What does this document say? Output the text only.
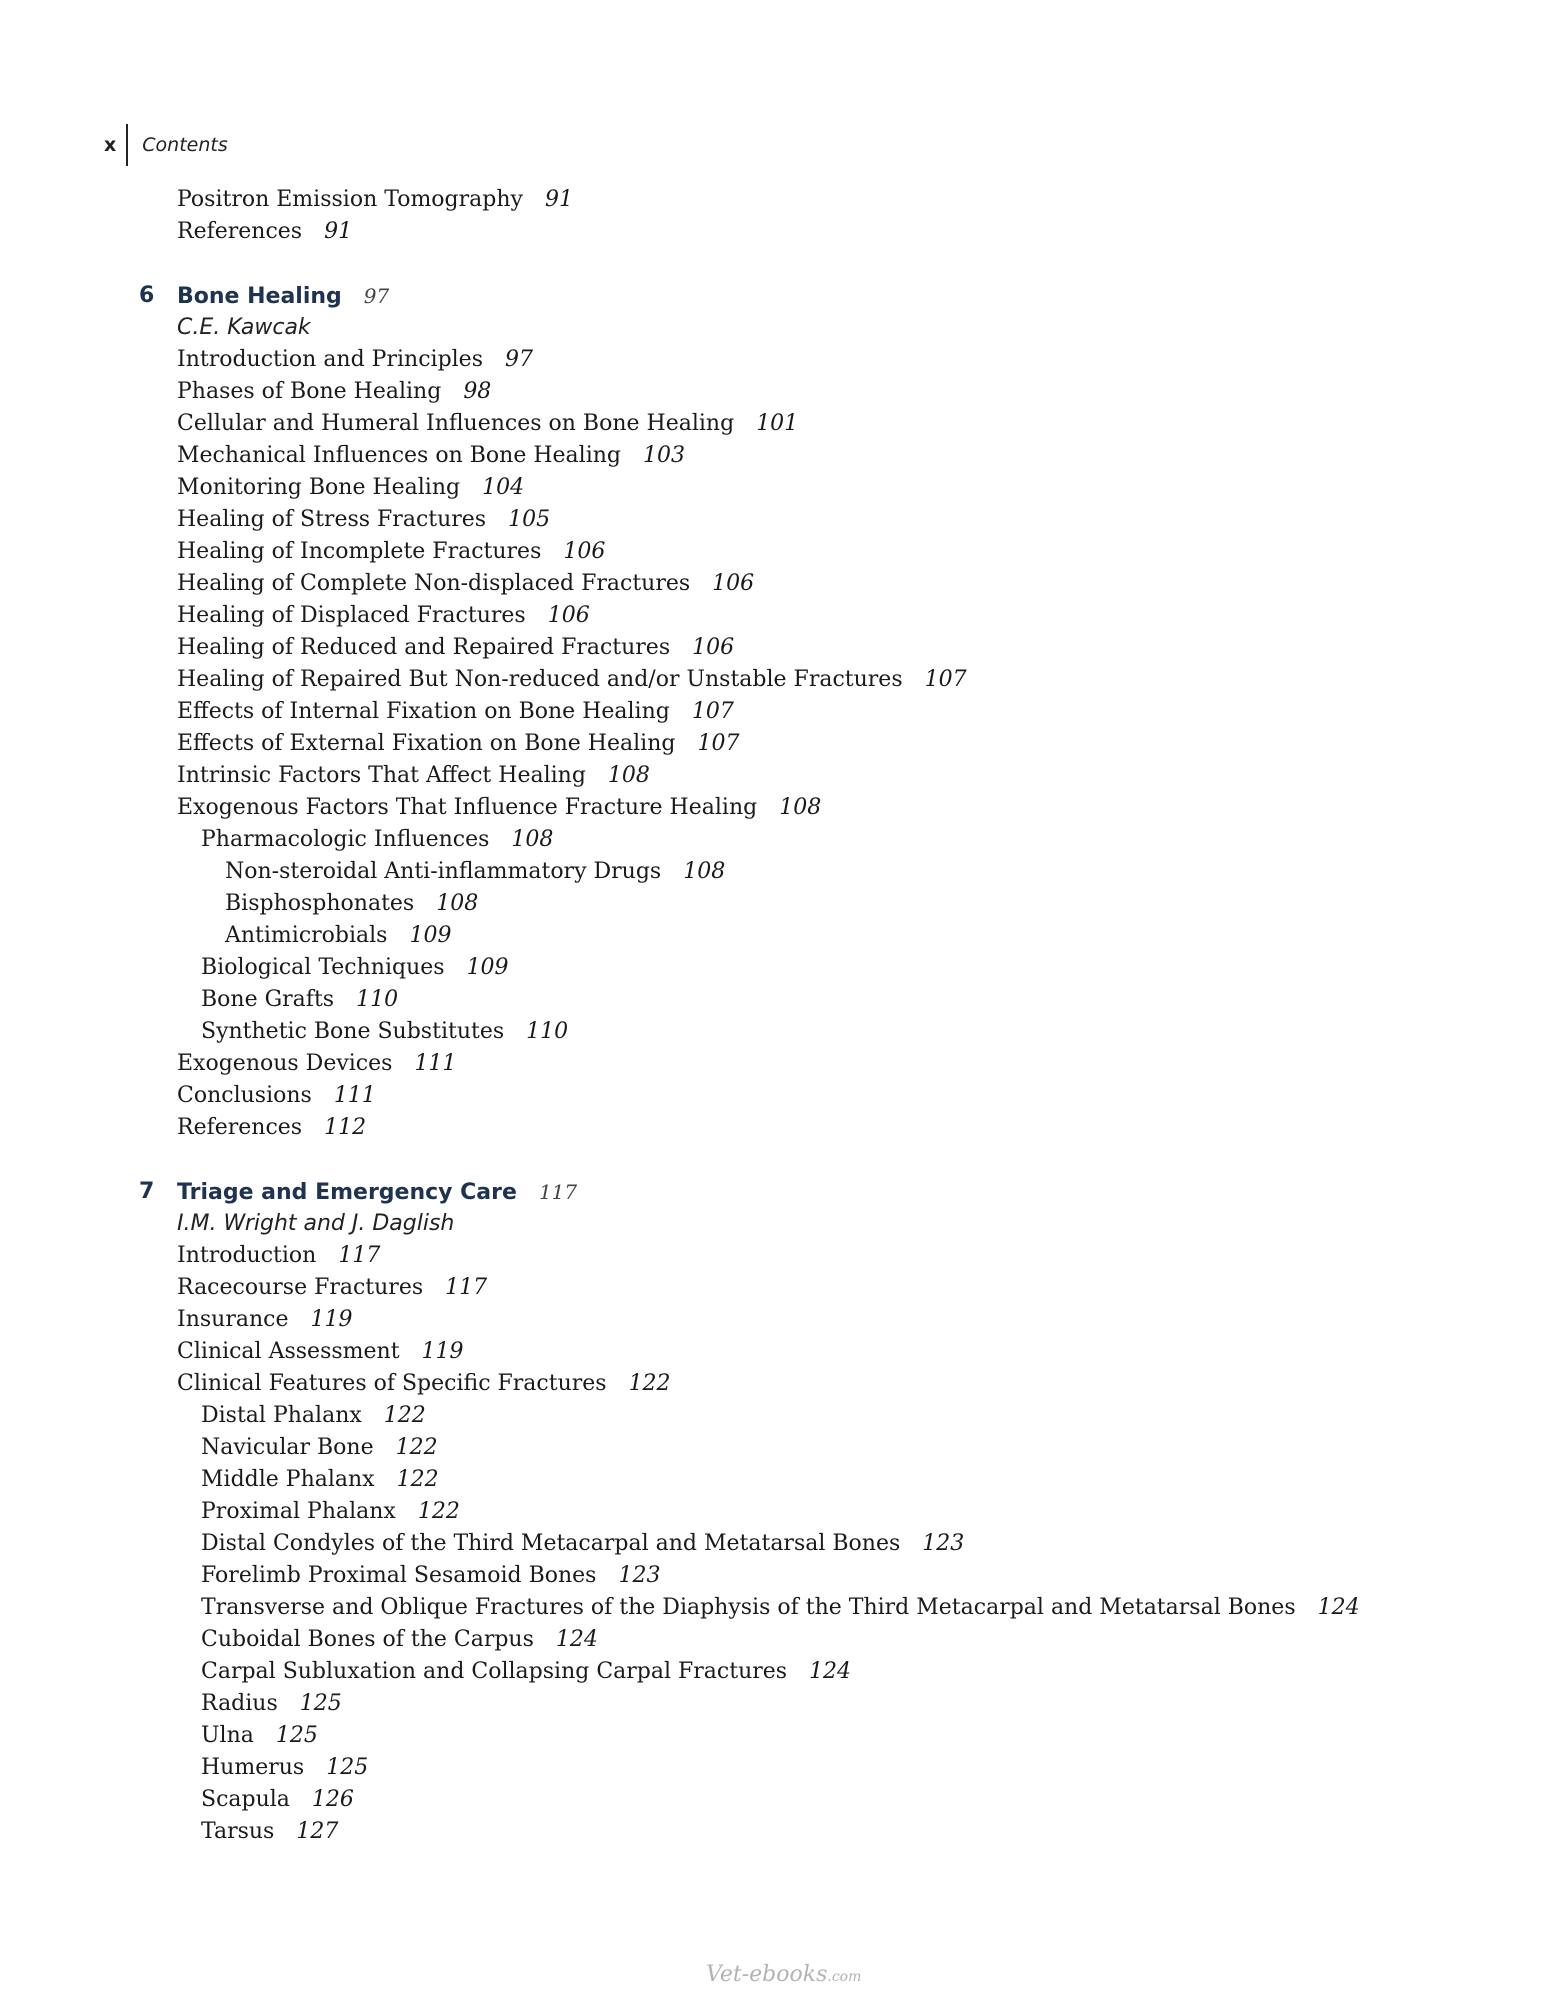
x Contents
Positron Emission Tomography 91
References 91
6 Bone Healing 97
C.E. Kawcak
Introduction and Principles 97
Phases of Bone Healing 98
Cellular and Humeral Influences on Bone Healing 101
Mechanical Influences on Bone Healing 103
Monitoring Bone Healing 104
Healing of Stress Fractures 105
Healing of Incomplete Fractures 106
Healing of Complete Non-displaced Fractures 106
Healing of Displaced Fractures 106
Healing of Reduced and Repaired Fractures 106
Healing of Repaired But Non-reduced and/or Unstable Fractures 107
Effects of Internal Fixation on Bone Healing 107
Effects of External Fixation on Bone Healing 107
Intrinsic Factors That Affect Healing 108
Exogenous Factors That Influence Fracture Healing 108
Pharmacologic Influences 108
Non-steroidal Anti-inflammatory Drugs 108
Bisphosphonates 108
Antimicrobials 109
Biological Techniques 109
Bone Grafts 110
Synthetic Bone Substitutes 110
Exogenous Devices 111
Conclusions 111
References 112
7 Triage and Emergency Care 117
I.M. Wright and J. Daglish
Introduction 117
Racecourse Fractures 117
Insurance 119
Clinical Assessment 119
Clinical Features of Specific Fractures 122
Distal Phalanx 122
Navicular Bone 122
Middle Phalanx 122
Proximal Phalanx 122
Distal Condyles of the Third Metacarpal and Metatarsal Bones 123
Forelimb Proximal Sesamoid Bones 123
Transverse and Oblique Fractures of the Diaphysis of the Third Metacarpal and Metatarsal Bones 124
Cuboidal Bones of the Carpus 124
Carpal Subluxation and Collapsing Carpal Fractures 124
Radius 125
Ulna 125
Humerus 125
Scapula 126
Tarsus 127
Vet-ebooks.com
